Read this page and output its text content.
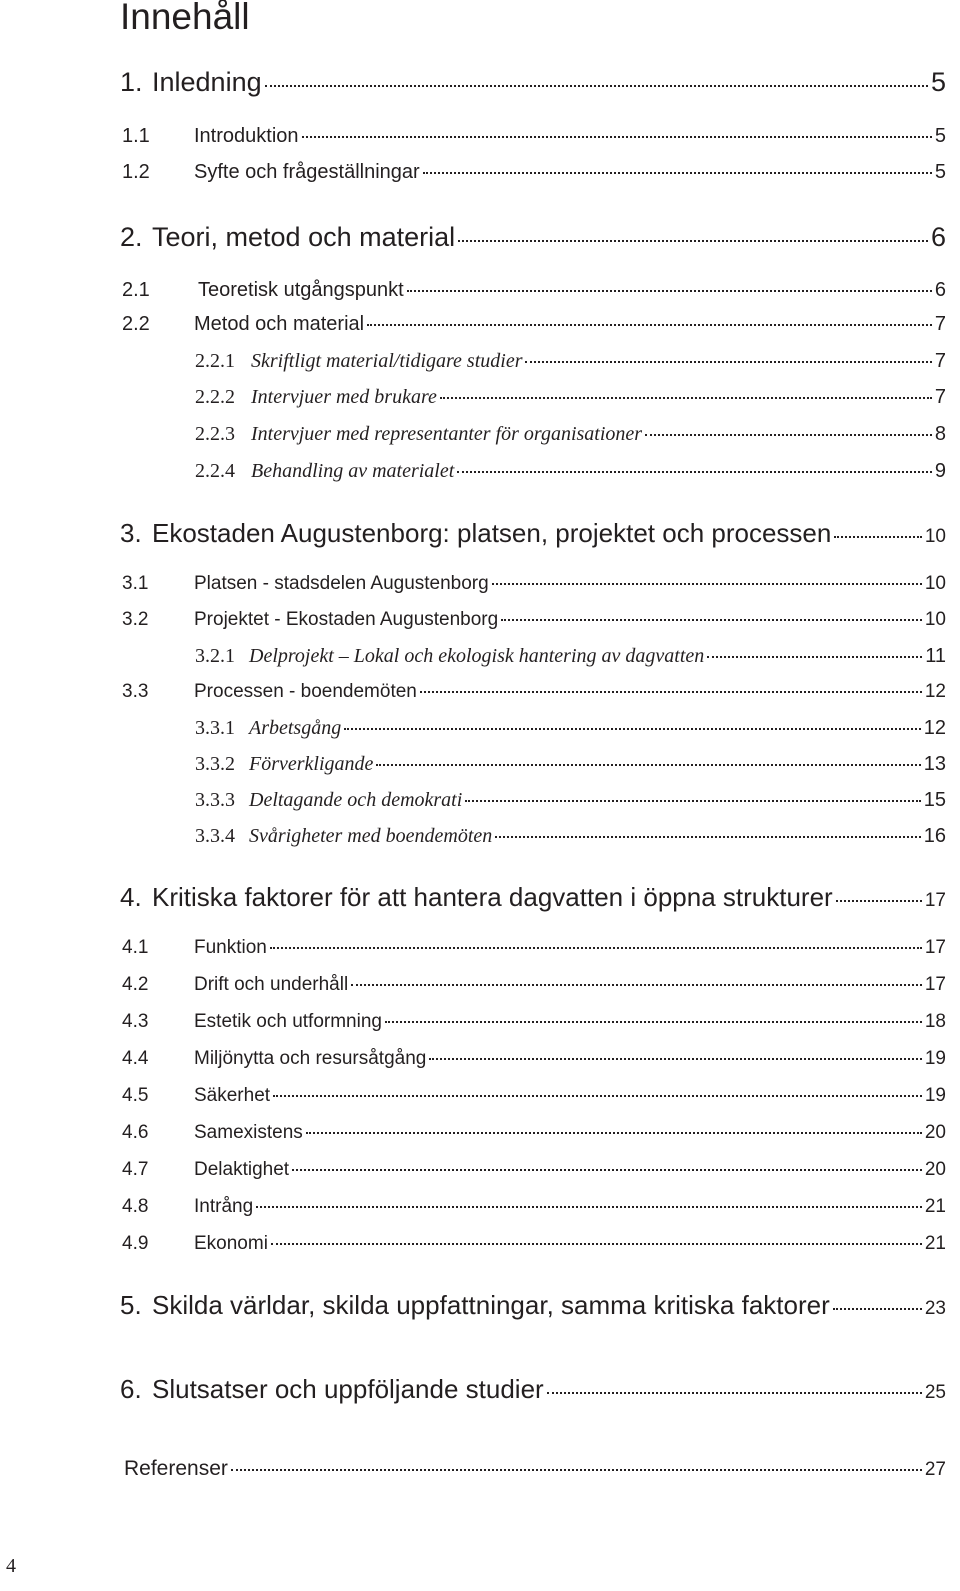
Innehåll
1. Inledning	5
1.1	Introduktion	5
1.2	Syfte och frågeställningar	5
2. Teori, metod och material	6
2.1	Teoretisk utgångspunkt	6
2.2	Metod och material	7
2.2.1 Skriftligt material/tidigare studier	7
2.2.2 Intervjuer med brukare	7
2.2.3 Intervjuer med representanter för organisationer	8
2.2.4 Behandling av materialet	9
3. Ekostaden Augustenborg: platsen, projektet och processen	10
3.1	Platsen - stadsdelen Augustenborg	10
3.2	Projektet - Ekostaden Augustenborg	10
3.2.1 Delprojekt – Lokal och ekologisk hantering av dagvatten	11
3.3	Processen - boendemöten	12
3.3.1 Arbetsgång	12
3.3.2 Förverkligande	13
3.3.3 Deltagande och demokrati	15
3.3.4 Svårigheter med boendemöten	16
4. Kritiska faktorer för att hantera dagvatten i öppna strukturer	17
4.1	Funktion	17
4.2	Drift och underhåll	17
4.3	Estetik och utformning	18
4.4	Miljönytta och resursåtgång	19
4.5	Säkerhet	19
4.6	Samexistens	20
4.7	Delaktighet	20
4.8	Intrång	21
4.9	Ekonomi	21
5. Skilda världar, skilda uppfattningar, samma kritiska faktorer	23
6. Slutsatser och uppföljande studier	25
Referenser	27
4
